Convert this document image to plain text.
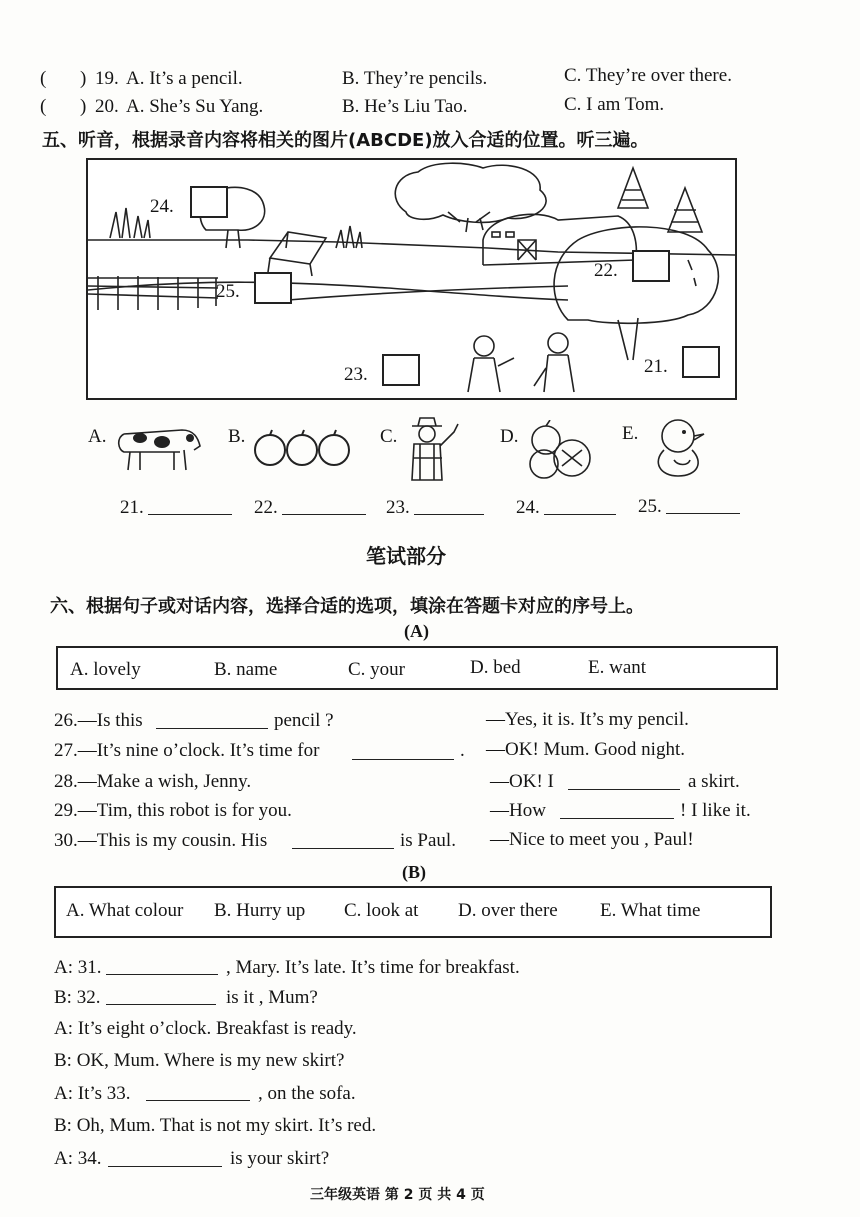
( ) 19. A. It’s a pencil.	B. They’re pencils.	C. They’re over there.
( ) 20. A. She’s Su Yang.	B. He’s Liu Tao.	C. I am Tom.
五、听音，根据录音内容将相关的图片(ABCDE)放入合适的位置。听三遍。
24.
25.
22.
23.	21.
A.	B.	C.	D.	E.
21.	22.	23.	24.	25.
笔试部分
六、根据句子或对话内容，选择合适的选项，填涂在答题卡对应的序号上。
(A)
A. lovely	B. name	C. your	D. bed	E. want
26.—Is this	pencil ?	—Yes, it is. It’s my pencil.
27.—It’s nine o’clock. It’s time for	. —OK! Mum. Good night.
28.—Make a wish, Jenny.	—OK! I	a skirt.
29.—Tim, this robot is for you.	—How	! I like it.
30.—This is my cousin. His	is Paul. —Nice to meet you , Paul!
(B)
A. What colour B. Hurry up C. look at D. over there E. What time
A: 31.	, Mary. It’s late. It’s time for breakfast.
B: 32.	is it , Mum?
A: It’s eight o’clock. Breakfast is ready.
B: OK, Mum. Where is my new skirt?
A: It’s 33.	, on the sofa.
B: Oh, Mum. That is not my skirt. It’s red.
A: 34.	is your skirt?
三年级英语 第 2 页 共 4 页
